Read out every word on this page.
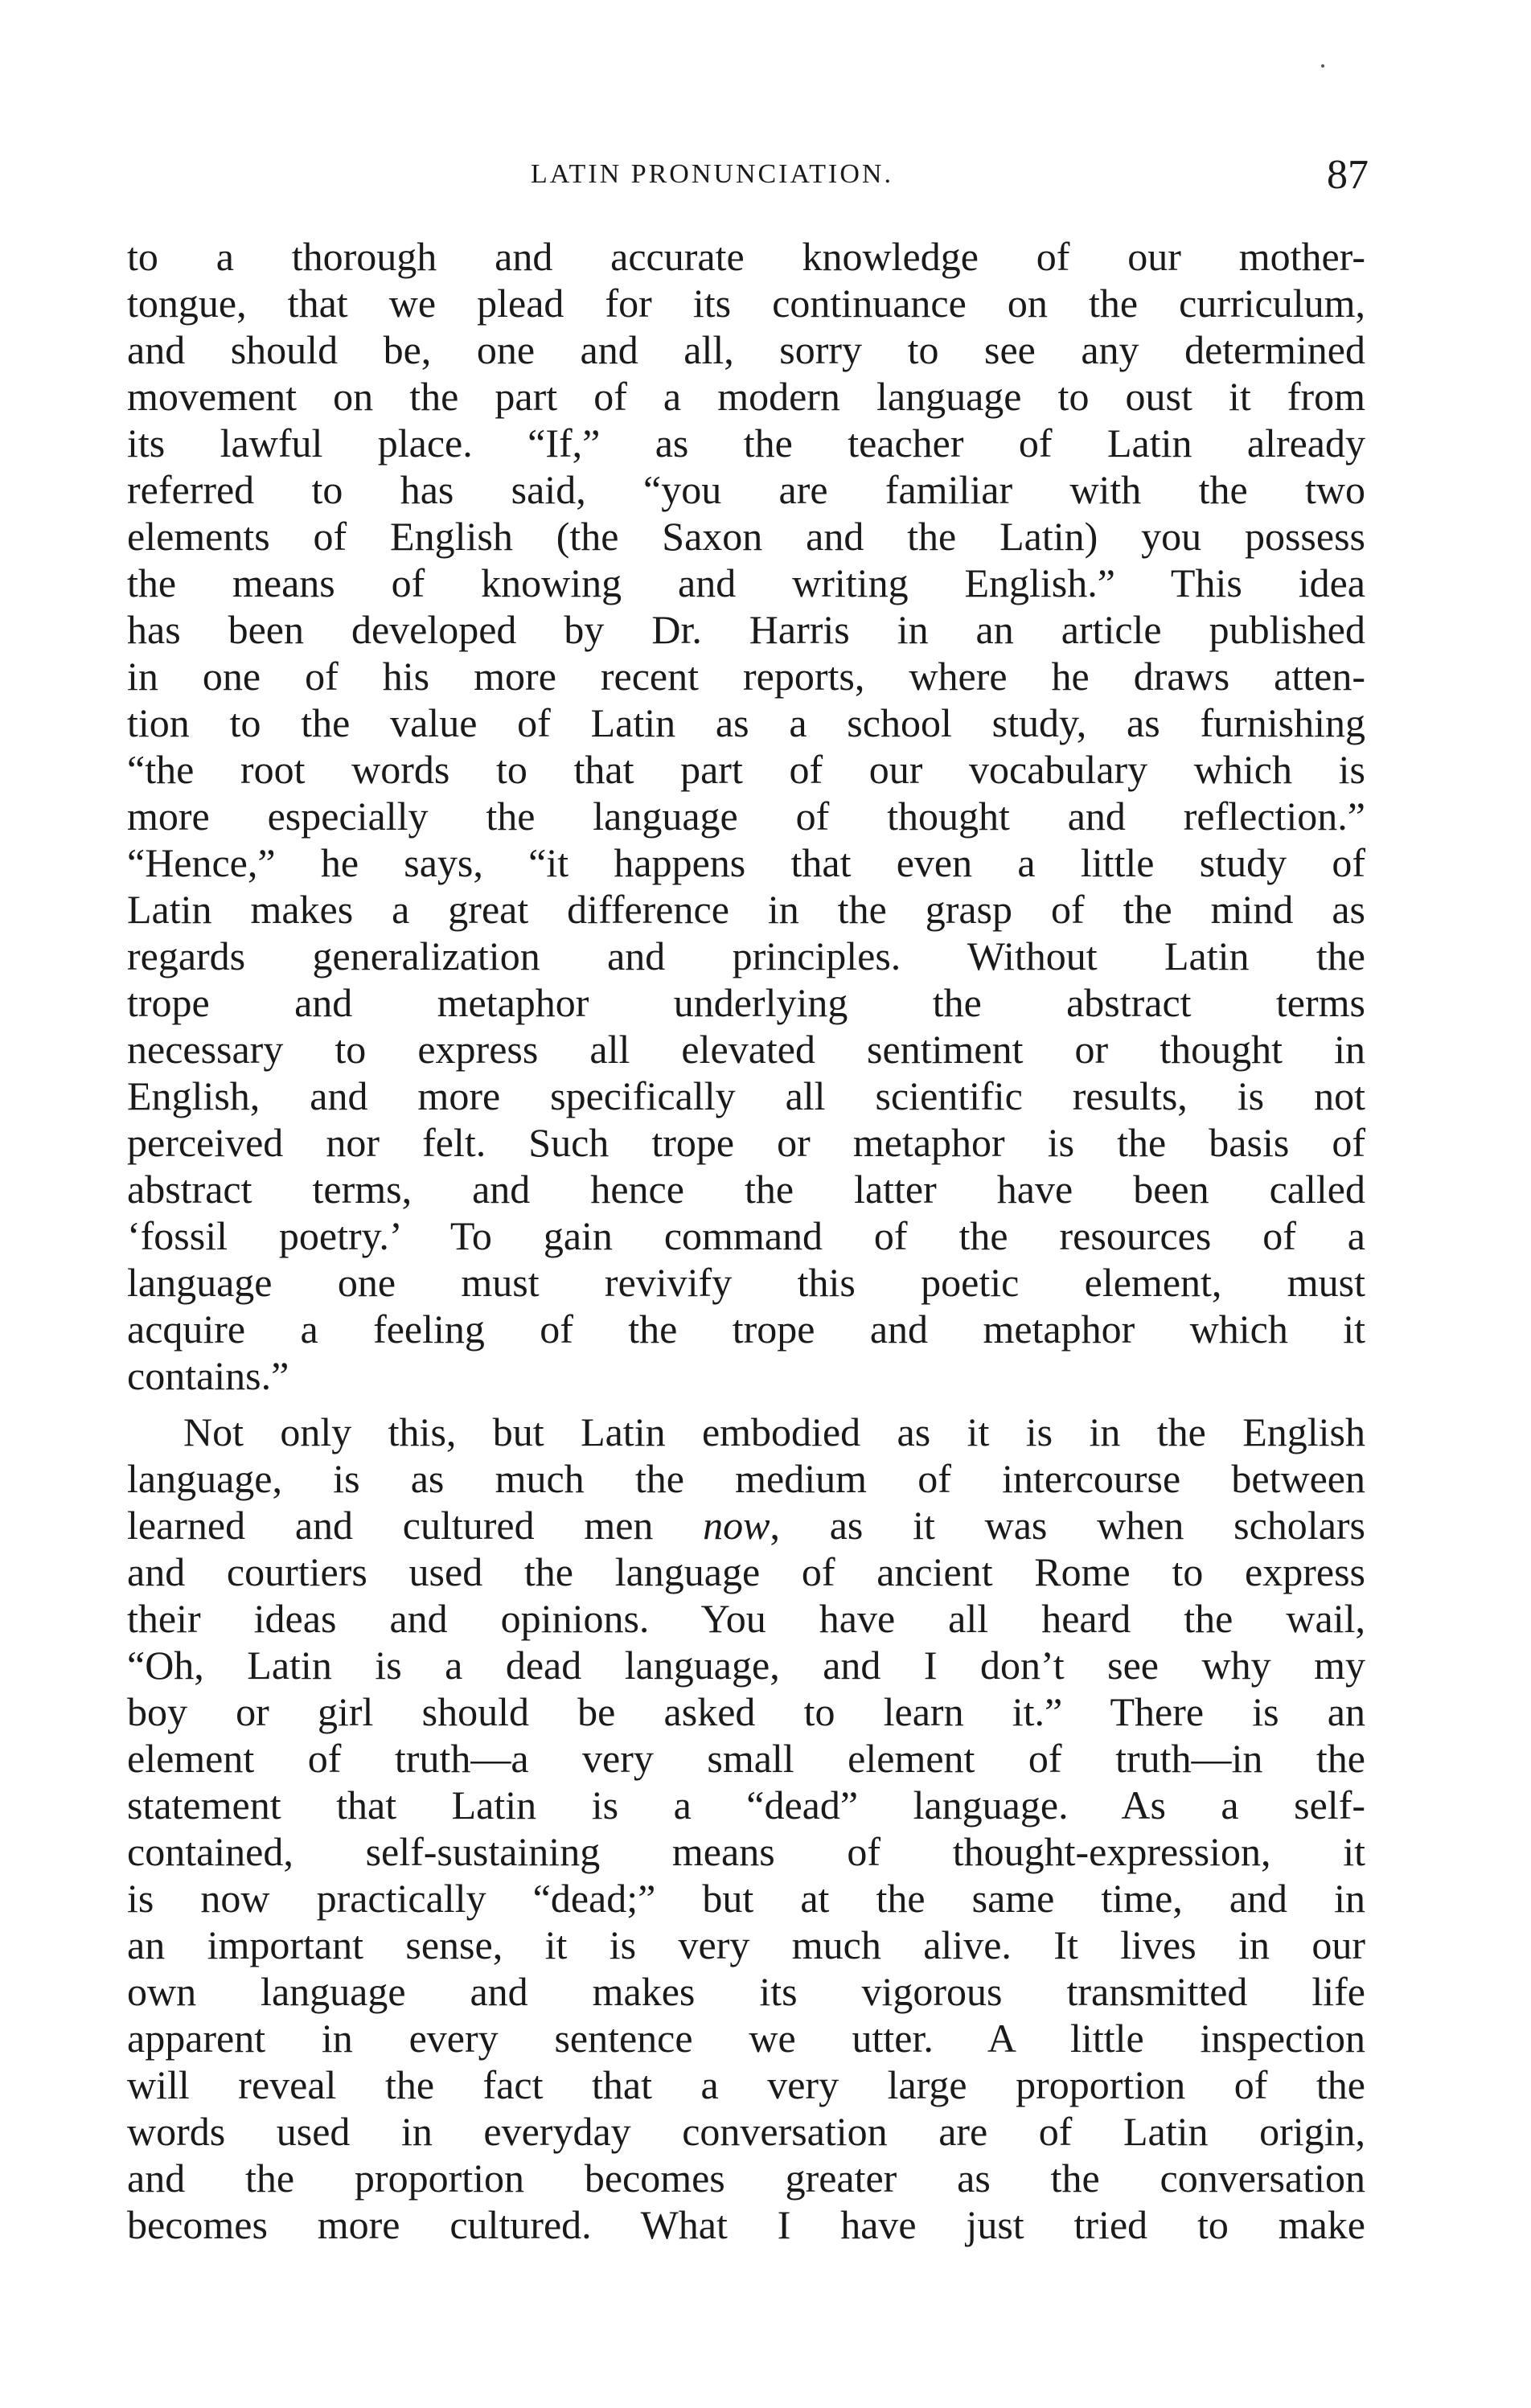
LATIN PRONUNCIATION.	87
to a thorough and accurate knowledge of our mother-
tongue, that we plead for its continuance on the curriculum,
and should be, one and all, sorry to see any determined
movement on the part of a modern language to oust it from
its lawful place. “If,” as the teacher of Latin already
referred to has said, “you are familiar with the two
elements of English (the Saxon and the Latin) you possess
the means of knowing and writing English.” This idea
has been developed by Dr. Harris in an article published
in one of his more recent reports, where he draws atten-
tion to the value of Latin as a school study, as furnishing
“the root words to that part of our vocabulary which is
more especially the language of thought and reflection.”
“Hence,” he says, “it happens that even a little study of
Latin makes a great difference in the grasp of the mind as
regards generalization and principles. Without Latin the
trope and metaphor underlying the abstract terms
necessary to express all elevated sentiment or thought in
English, and more specifically all scientific results, is not
perceived nor felt. Such trope or metaphor is the basis of
abstract terms, and hence the latter have been called
‘fossil poetry.’ To gain command of the resources of a
language one must revivify this poetic element, must
acquire a feeling of the trope and metaphor which it
contains.”
Not only this, but Latin embodied as it is in the English
language, is as much the medium of intercourse between
learned and cultured men now, as it was when scholars
and courtiers used the language of ancient Rome to express
their ideas and opinions. You have all heard the wail,
“Oh, Latin is a dead language, and I don’t see why my
boy or girl should be asked to learn it.” There is an
element of truth—a very small element of truth—in the
statement that Latin is a “dead” language. As a self-
contained, self-sustaining means of thought-expression, it
is now practically “dead;” but at the same time, and in
an important sense, it is very much alive. It lives in our
own language and makes its vigorous transmitted life
apparent in every sentence we utter. A little inspection
will reveal the fact that a very large proportion of the
words used in everyday conversation are of Latin origin,
and the proportion becomes greater as the conversation
becomes more cultured. What I have just tried to make
